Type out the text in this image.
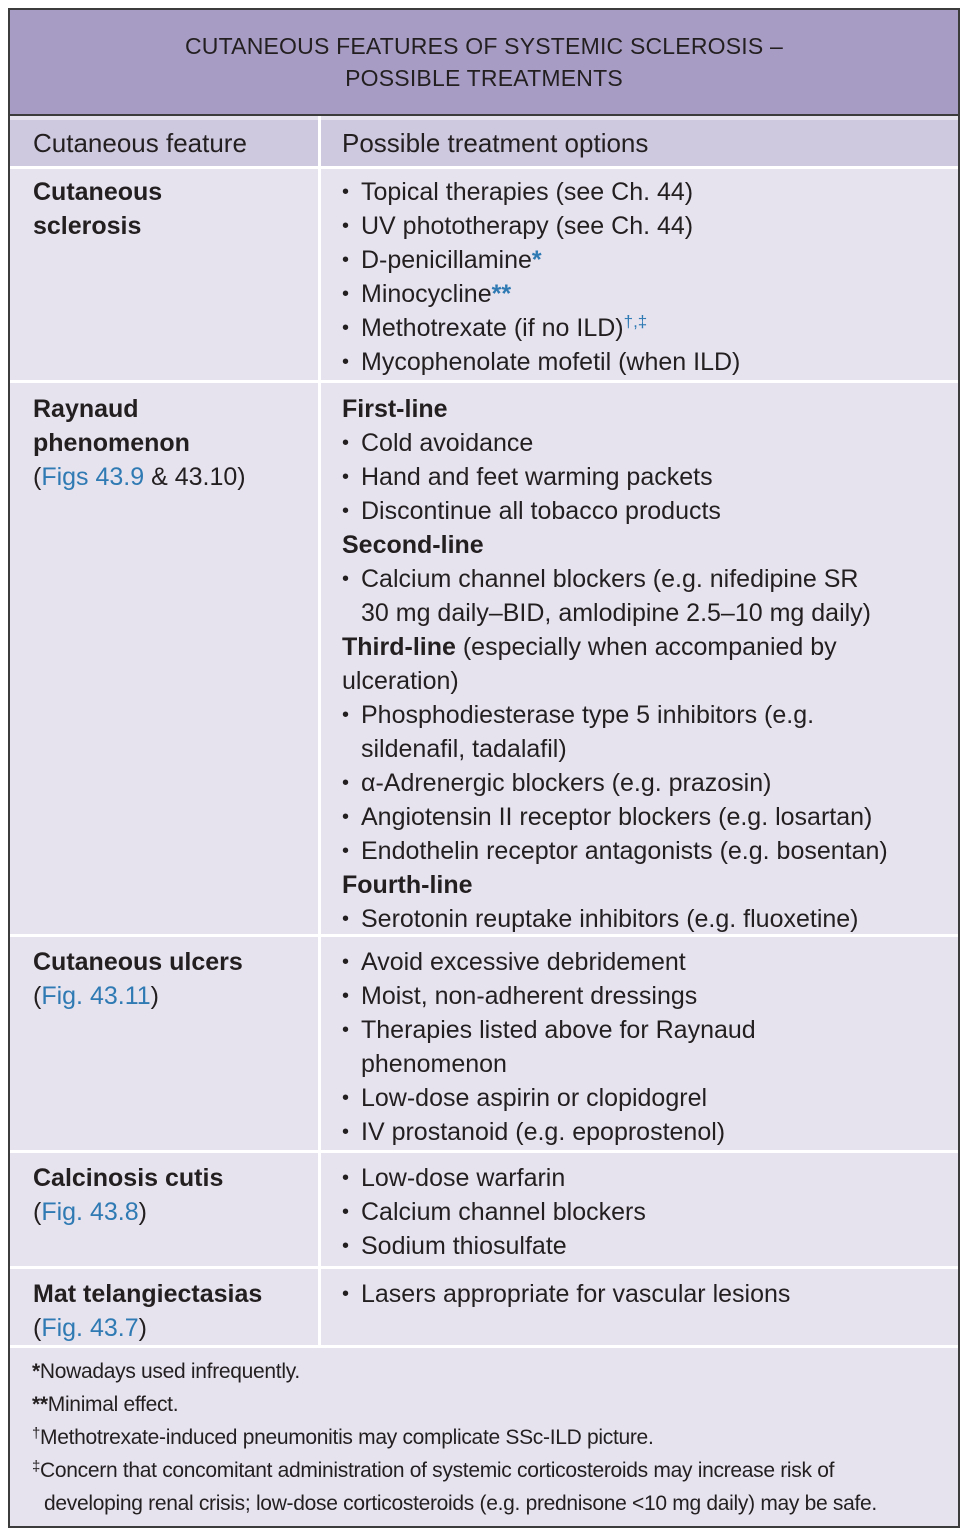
CUTANEOUS FEATURES OF SYSTEMIC SCLEROSIS –
POSSIBLE TREATMENTS
Cutaneous feature	Possible treatment options
Cutaneous
sclerosis
• Topical therapies (see Ch. 44)
• UV phototherapy (see Ch. 44)
• D-penicillamine*
• Minocycline**
• Methotrexate (if no ILD)†,‡
• Mycophenolate mofetil (when ILD)
Raynaud
phenomenon
(Figs 43.9 & 43.10)
First-line
• Cold avoidance
• Hand and feet warming packets
• Discontinue all tobacco products
Second-line
• Calcium channel blockers (e.g. nifedipine SR
30 mg daily–BID, amlodipine 2.5–10 mg daily)
Third-line (especially when accompanied by
ulceration)
• Phosphodiesterase type 5 inhibitors (e.g.
sildenafil, tadalafil)
• α-Adrenergic blockers (e.g. prazosin)
• Angiotensin II receptor blockers (e.g. losartan)
• Endothelin receptor antagonists (e.g. bosentan)
Fourth-line
• Serotonin reuptake inhibitors (e.g. fluoxetine)
Cutaneous ulcers
(Fig. 43.11)
• Avoid excessive debridement
• Moist, non-adherent dressings
• Therapies listed above for Raynaud
phenomenon
• Low-dose aspirin or clopidogrel
• IV prostanoid (e.g. epoprostenol)
Calcinosis cutis
(Fig. 43.8)
• Low-dose warfarin
• Calcium channel blockers
• Sodium thiosulfate
Mat telangiectasias
(Fig. 43.7)
• Lasers appropriate for vascular lesions
*Nowadays used infrequently.
**Minimal effect.
†Methotrexate-induced pneumonitis may complicate SSc-ILD picture.
‡Concern that concomitant administration of systemic corticosteroids may increase risk of
developing renal crisis; low-dose corticosteroids (e.g. prednisone <10 mg daily) may be safe.
